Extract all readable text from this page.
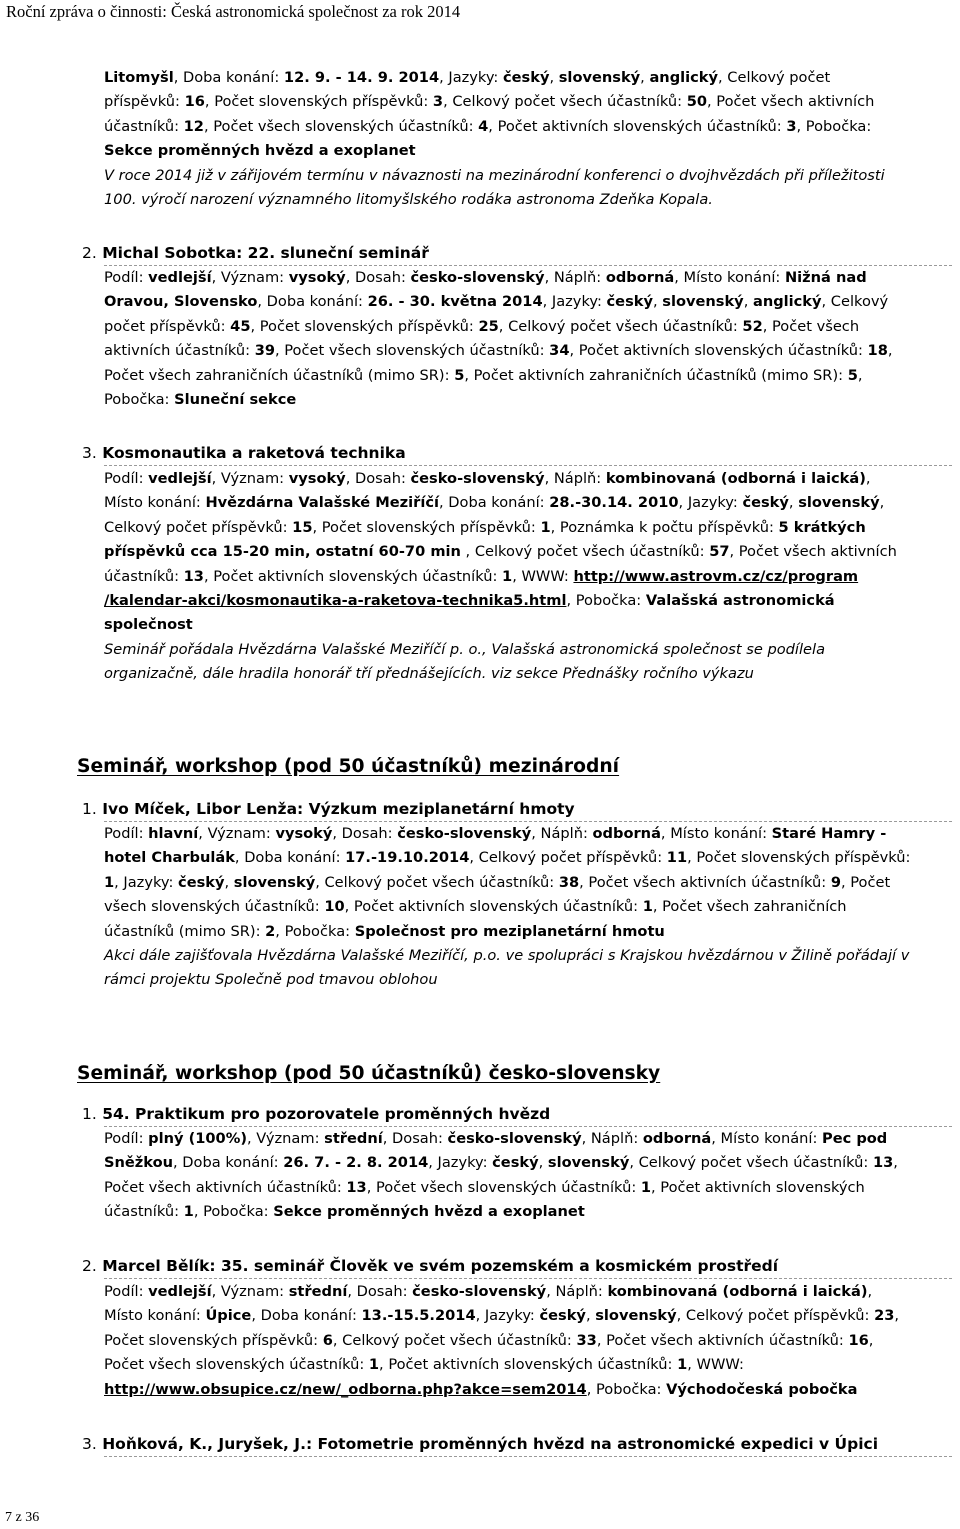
Roční zpráva o činnosti: Česká astronomická společnost za rok 2014
Litomyšl, Doba konání: 12. 9. - 14. 9. 2014, Jazyky: český, slovenský, anglický, Celkový počet
příspěvků: 16, Počet slovenských příspěvků: 3, Celkový počet všech účastníků: 50, Počet všech aktivních
účastníků: 12, Počet všech slovenských účastníků: 4, Počet aktivních slovenských účastníků: 3, Pobočka:
Sekce proměnných hvězd a exoplanet
V roce 2014 již v zářijovém termínu v návaznosti na mezinárodní konferenci o dvojhvězdách při příležitosti
100. výročí narození významného litomyšlského rodáka astronoma Zdeňka Kopala.
2. Michal Sobotka: 22. sluneční seminář
Podíl: vedlejší, Význam: vysoký, Dosah: česko-slovenský, Náplň: odborná, Místo konání: Nižná nad
Oravou, Slovensko, Doba konání: 26. - 30. května 2014, Jazyky: český, slovenský, anglický, Celkový
počet příspěvků: 45, Počet slovenských příspěvků: 25, Celkový počet všech účastníků: 52, Počet všech
aktivních účastníků: 39, Počet všech slovenských účastníků: 34, Počet aktivních slovenských účastníků: 18,
Počet všech zahraničních účastníků (mimo SR): 5, Počet aktivních zahraničních účastníků (mimo SR): 5,
Pobočka: Sluneční sekce
3. Kosmonautika a raketová technika
Podíl: vedlejší, Význam: vysoký, Dosah: česko-slovenský, Náplň: kombinovaná (odborná i laická),
Místo konání: Hvězdárna Valašské Meziříčí, Doba konání: 28.-30.14. 2010, Jazyky: český, slovenský,
Celkový počet příspěvků: 15, Počet slovenských příspěvků: 1, Poznámka k počtu příspěvků: 5 krátkých
příspěvků cca 15-20 min, ostatní 60-70 min , Celkový počet všech účastníků: 57, Počet všech aktivních
účastníků: 13, Počet aktivních slovenských účastníků: 1, WWW: http://www.astrovm.cz/cz/program
/kalendar-akci/kosmonautika-a-raketova-technika5.html, Pobočka: Valašská astronomická
společnost
Seminář pořádala Hvězdárna Valašské Meziříčí p. o., Valašská astronomická společnost se podílela
organizačně, dále hradila honorář tří přednášejících. viz sekce Přednášky ročního výkazu
Seminář, workshop (pod 50 účastníků) mezinárodní
1. Ivo Míček, Libor Lenža: Výzkum meziplanetární hmoty
Podíl: hlavní, Význam: vysoký, Dosah: česko-slovenský, Náplň: odborná, Místo konání: Staré Hamry -
hotel Charbulák, Doba konání: 17.-19.10.2014, Celkový počet příspěvků: 11, Počet slovenských příspěvků:
1, Jazyky: český, slovenský, Celkový počet všech účastníků: 38, Počet všech aktivních účastníků: 9, Počet
všech slovenských účastníků: 10, Počet aktivních slovenských účastníků: 1, Počet všech zahraničních
účastníků (mimo SR): 2, Pobočka: Společnost pro meziplanetární hmotu
Akci dále zajišťovala Hvězdárna Valašské Meziříčí, p.o. ve spolupráci s Krajskou hvězdárnou v Žilině pořádají v
rámci projektu Společně pod tmavou oblohou
Seminář, workshop (pod 50 účastníků) česko-slovensky
1. 54. Praktikum pro pozorovatele proměnných hvězd
Podíl: plný (100%), Význam: střední, Dosah: česko-slovenský, Náplň: odborná, Místo konání: Pec pod
Sněžkou, Doba konání: 26. 7. - 2. 8. 2014, Jazyky: český, slovenský, Celkový počet všech účastníků: 13,
Počet všech aktivních účastníků: 13, Počet všech slovenských účastníků: 1, Počet aktivních slovenských
účastníků: 1, Pobočka: Sekce proměnných hvězd a exoplanet
2. Marcel Bělík: 35. seminář Člověk ve svém pozemském a kosmickém prostředí
Podíl: vedlejší, Význam: střední, Dosah: česko-slovenský, Náplň: kombinovaná (odborná i laická),
Místo konání: Úpice, Doba konání: 13.-15.5.2014, Jazyky: český, slovenský, Celkový počet příspěvků: 23,
Počet slovenských příspěvků: 6, Celkový počet všech účastníků: 33, Počet všech aktivních účastníků: 16,
Počet všech slovenských účastníků: 1, Počet aktivních slovenských účastníků: 1, WWW:
http://www.obsupice.cz/new/_odborna.php?akce=sem2014, Pobočka: Východočeská pobočka
3. Hoňková, K., Juryšek, J.: Fotometrie proměnných hvězd na astronomické expedici v Úpici
7 z 36
